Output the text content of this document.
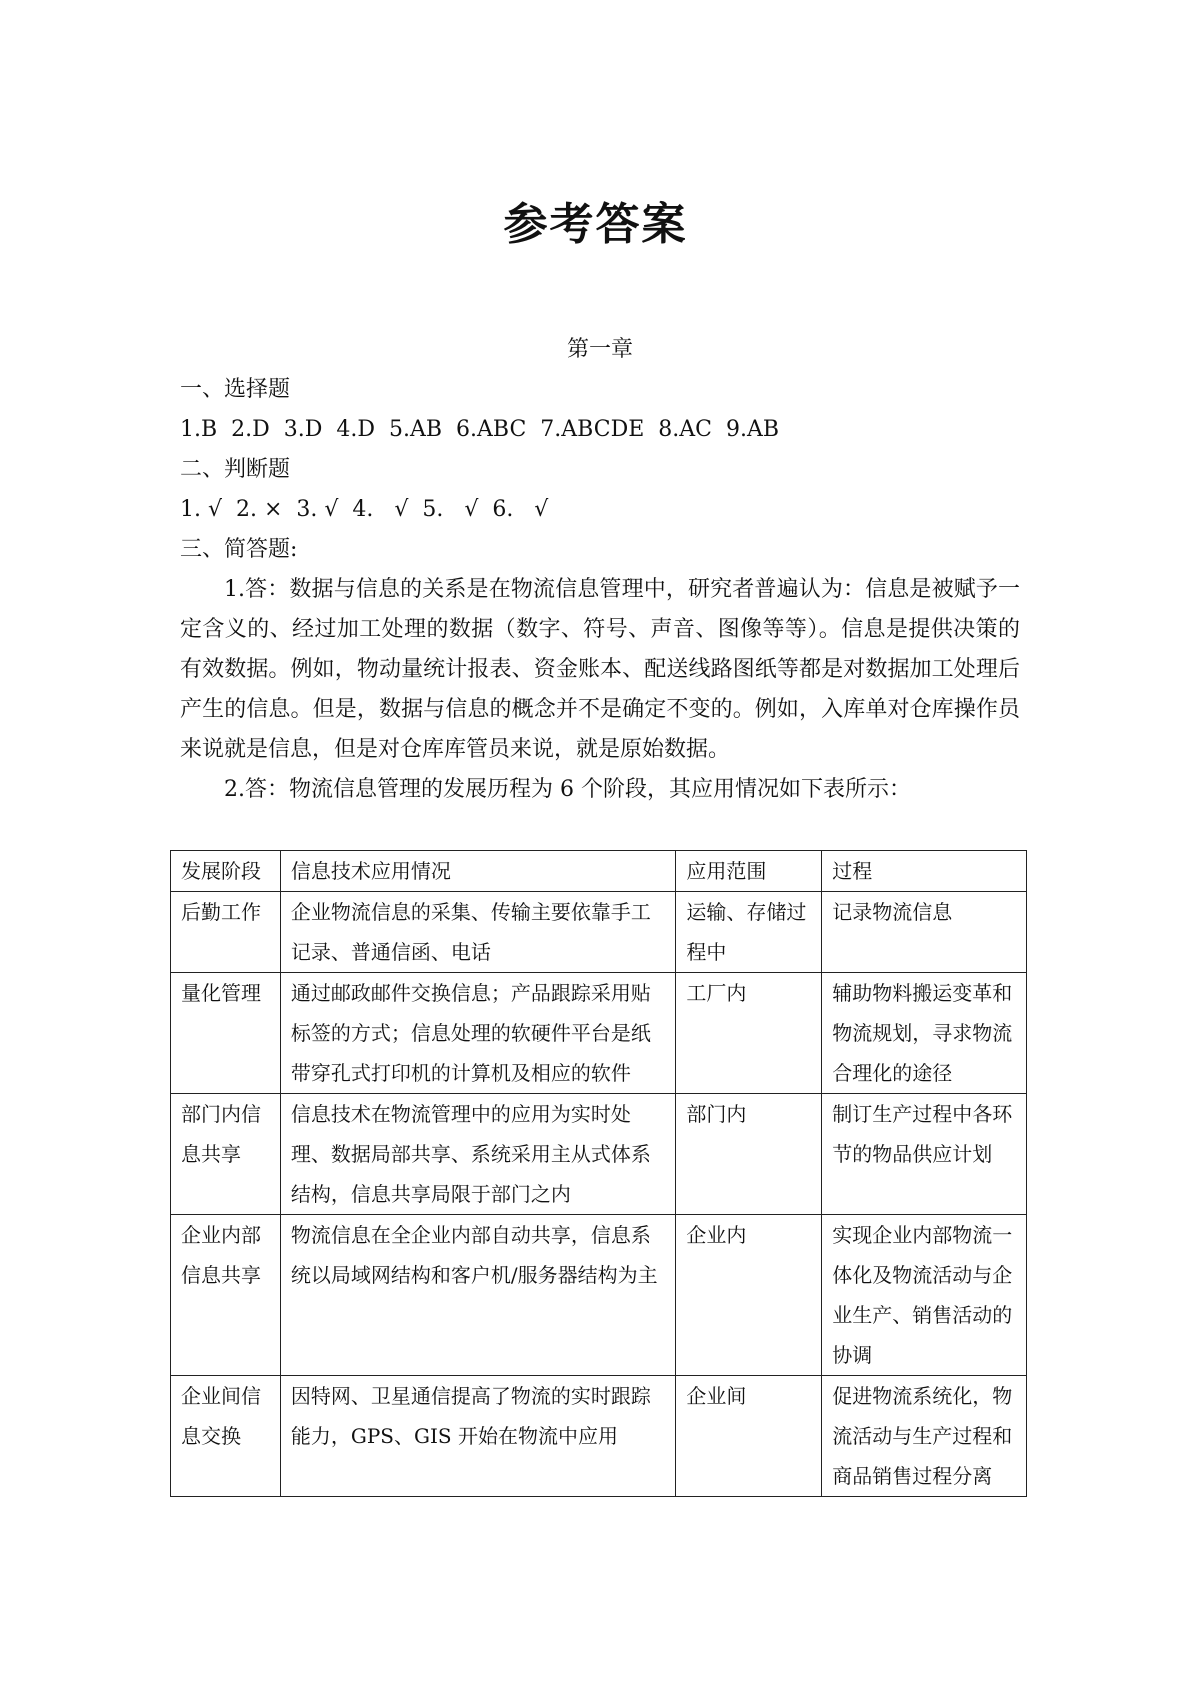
参考答案
第一章
一、选择题
1.B  2.D  3.D  4.D  5.AB  6.ABC  7.ABCDE  8.AC  9.AB
二、判断题
1. √  2. ×  3. √  4.   √  5.   √  6.   √
三、简答题:

1.答：数据与信息的关系是在物流信息管理中，研究者普遍认为：信息是被赋予一定含义的、经过加工处理的数据（数字、符号、声音、图像等等）。信息是提供决策的有效数据。例如，物动量统计报表、资金账本、配送线路图纸等都是对数据加工处理后产生的信息。但是，数据与信息的概念并不是确定不变的。例如，入库单对仓库操作员来说就是信息，但是对仓库库管员来说，就是原始数据。

2.答：物流信息管理的发展历程为 6 个阶段，其应用情况如下表所示：

发展阶段	信息技术应用情况	应用范围	过程
后勤工作	企业物流信息的采集、传输主要依靠手工记录、普通信函、电话	运输、存储过程中	记录物流信息
量化管理	通过邮政邮件交换信息；产品跟踪采用贴标签的方式；信息处理的软硬件平台是纸带穿孔式打印机的计算机及相应的软件	工厂内	辅助物料搬运变革和物流规划，寻求物流合理化的途径
部门内信息共享	信息技术在物流管理中的应用为实时处理、数据局部共享、系统采用主从式体系结构，信息共享局限于部门之内	部门内	制订生产过程中各环节的物品供应计划
企业内部信息共享	物流信息在全企业内部自动共享，信息系统以局域网结构和客户机/服务器结构为主	企业内	实现企业内部物流一体化及物流活动与企业生产、销售活动的协调
企业间信息交换	因特网、卫星通信提高了物流的实时跟踪能力，GPS、GIS 开始在物流中应用	企业间	促进物流系统化，物流活动与生产过程和商品销售过程分离
